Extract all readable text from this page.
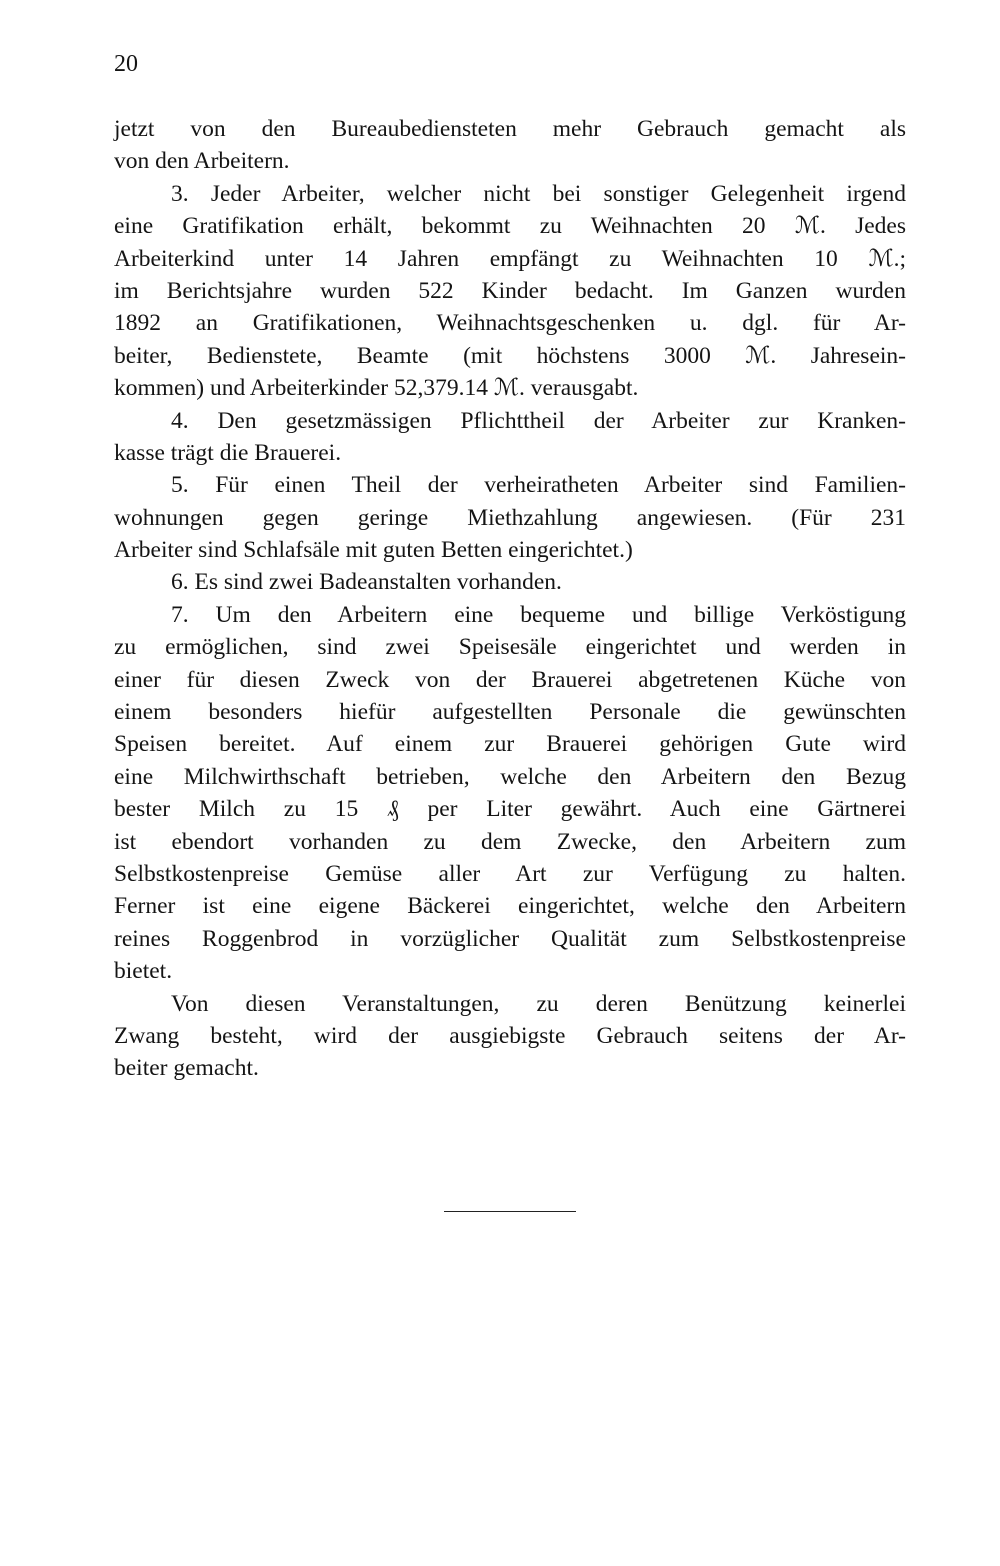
20
jetzt von den Bureaubediensteten mehr Gebrauch gemacht als
von den Arbeitern.
3. Jeder Arbeiter, welcher nicht bei sonstiger Gelegenheit irgend
eine Gratifikation erhält, bekommt zu Weihnachten 20 ℳ. Jedes
Arbeiterkind unter 14 Jahren empfängt zu Weihnachten 10 ℳ.;
im Berichtsjahre wurden 522 Kinder bedacht. Im Ganzen wurden
1892 an Gratifikationen, Weihnachtsgeschenken u. dgl. für Ar-
beiter, Bedienstete, Beamte (mit höchstens 3000 ℳ. Jahresein-
kommen) und Arbeiterkinder 52,379.14 ℳ. verausgabt.
4. Den gesetzmässigen Pflichttheil der Arbeiter zur Kranken-
kasse trägt die Brauerei.
5. Für einen Theil der verheiratheten Arbeiter sind Familien-
wohnungen gegen geringe Miethzahlung angewiesen. (Für 231
Arbeiter sind Schlafsäle mit guten Betten eingerichtet.)
6. Es sind zwei Badeanstalten vorhanden.
7. Um den Arbeitern eine bequeme und billige Verköstigung
zu ermöglichen, sind zwei Speisesäle eingerichtet und werden in
einer für diesen Zweck von der Brauerei abgetretenen Küche von
einem besonders hiefür aufgestellten Personale die gewünschten
Speisen bereitet. Auf einem zur Brauerei gehörigen Gute wird
eine Milchwirthschaft betrieben, welche den Arbeitern den Bezug
bester Milch zu 15 ₰ per Liter gewährt. Auch eine Gärtnerei
ist ebendort vorhanden zu dem Zwecke, den Arbeitern zum
Selbstkostenpreise Gemüse aller Art zur Verfügung zu halten.
Ferner ist eine eigene Bäckerei eingerichtet, welche den Arbeitern
reines Roggenbrod in vorzüglicher Qualität zum Selbstkostenpreise
bietet.
Von diesen Veranstaltungen, zu deren Benützung keinerlei
Zwang besteht, wird der ausgiebigste Gebrauch seitens der Ar-
beiter gemacht.
